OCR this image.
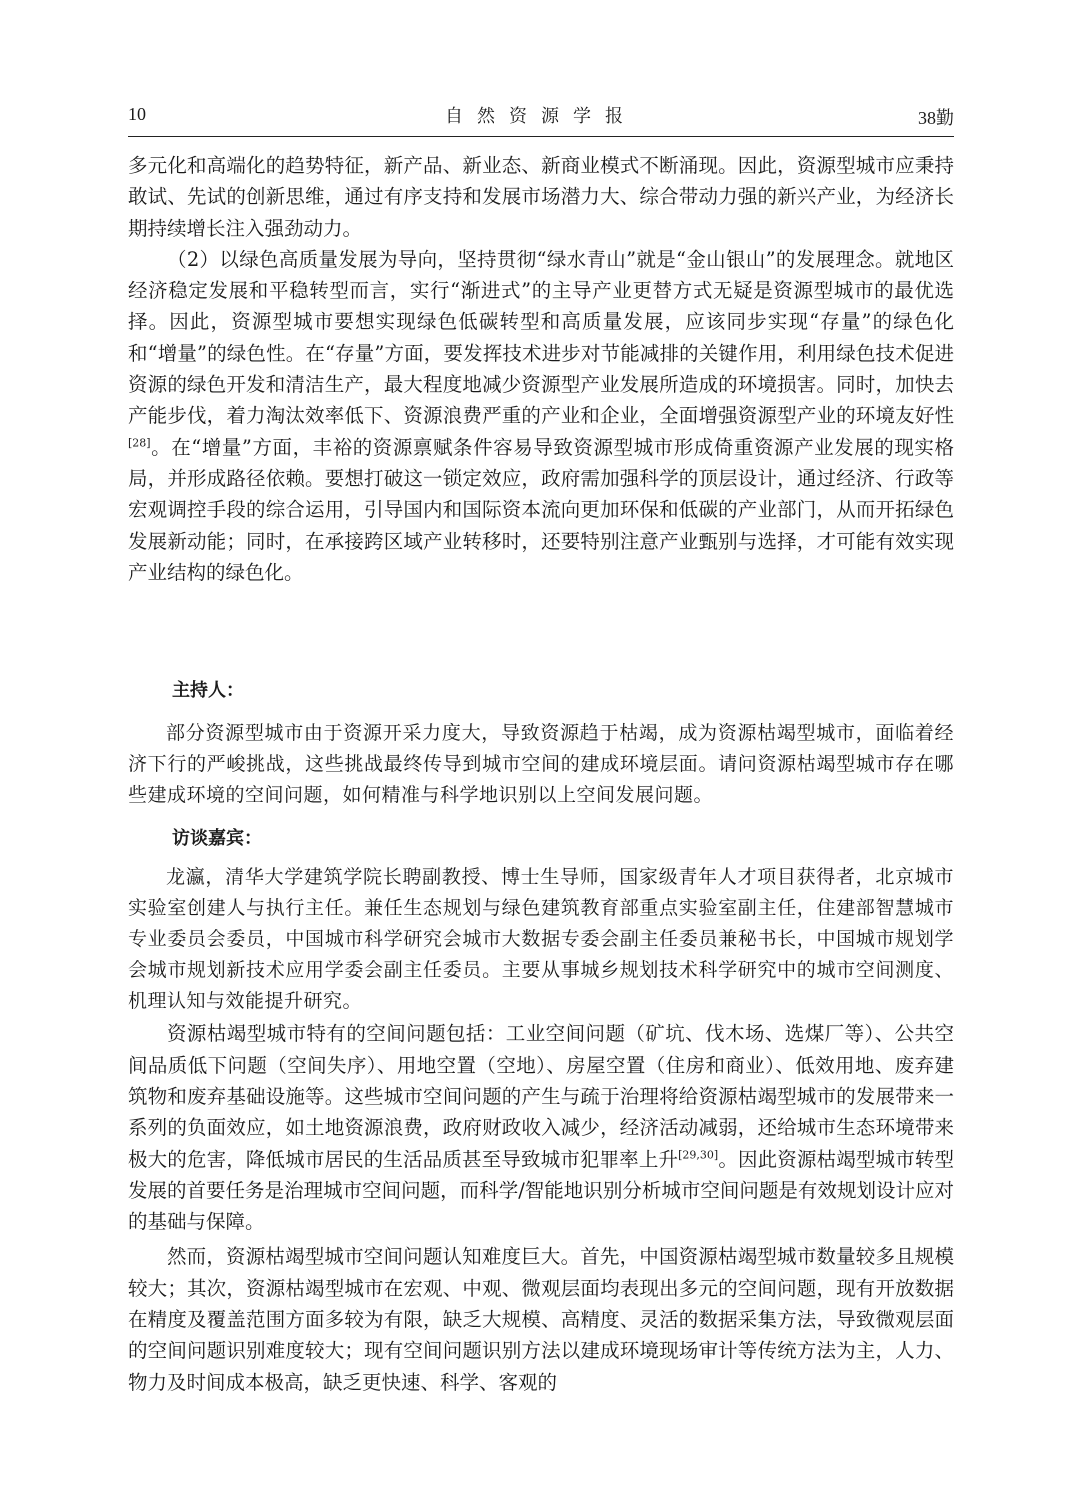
10	自然资源学报	38勤

多元化和高端化的趋势特征，新产品、新业态、新商业模式不断涌现。因此，资源型城市应秉持敢试、先试的创新思维，通过有序支持和发展市场潜力大、综合带动力强的新兴产业，为经济长期持续增长注入强劲动力。

（2）以绿色高质量发展为导向，坚持贯彻“绿水青山”就是“金山银山”的发展理念。就地区经济稳定发展和平稳转型而言，实行“渐进式”的主导产业更替方式无疑是资源型城市的最优选择。因此，资源型城市要想实现绿色低碳转型和高质量发展，应该同步实现“存量”的绿色化和“增量”的绿色性。在“存量”方面，要发挥技术进步对节能减排的关键作用，利用绿色技术促进资源的绿色开发和清洁生产，最大程度地减少资源型产业发展所造成的环境损害。同时，加快去产能步伐，着力淘汰效率低下、资源浪费严重的产业和企业，全面增强资源型产业的环境友好性[28]。在“增量”方面，丰裕的资源禀赋条件容易导致资源型城市形成倚重资源产业发展的现实格局，并形成路径依赖。要想打破这一锁定效应，政府需加强科学的顶层设计，通过经济、行政等宏观调控手段的综合运用，引导国内和国际资本流向更加环保和低碳的产业部门，从而开拓绿色发展新动能；同时，在承接跨区域产业转移时，还要特别注意产业甄别与选择，才可能有效实现产业结构的绿色化。

主持人：

部分资源型城市由于资源开采力度大，导致资源趋于枯竭，成为资源枯竭型城市，面临着经济下行的严峻挑战，这些挑战最终传导到城市空间的建成环境层面。请问资源枯竭型城市存在哪些建成环境的空间问题，如何精准与科学地识别以上空间发展问题。

访谈嘉宾：

龙瀛，清华大学建筑学院长聘副教授、博士生导师，国家级青年人才项目获得者，北京城市实验室创建人与执行主任。兼任生态规划与绿色建筑教育部重点实验室副主任，住建部智慧城市专业委员会委员，中国城市科学研究会城市大数据专委会副主任委员兼秘书长，中国城市规划学会城市规划新技术应用学委会副主任委员。主要从事城乡规划技术科学研究中的城市空间测度、机理认知与效能提升研究。

资源枯竭型城市特有的空间问题包括：工业空间问题（矿坑、伐木场、选煤厂等）、公共空间品质低下问题（空间失序）、用地空置（空地）、房屋空置（住房和商业）、低效用地、废弃建筑物和废弃基础设施等。这些城市空间问题的产生与疏于治理将给资源枯竭型城市的发展带来一系列的负面效应，如土地资源浪费，政府财政收入减少，经济活动减弱，还给城市生态环境带来极大的危害，降低城市居民的生活品质甚至导致城市犯罪率上升[29,30]。因此资源枯竭型城市转型发展的首要任务是治理城市空间问题，而科学/智能地识别分析城市空间问题是有效规划设计应对的基础与保障。

然而，资源枯竭型城市空间问题认知难度巨大。首先，中国资源枯竭型城市数量较多且规模较大；其次，资源枯竭型城市在宏观、中观、微观层面均表现出多元的空间问题，现有开放数据在精度及覆盖范围方面多较为有限，缺乏大规模、高精度、灵活的数据采集方法，导致微观层面的空间问题识别难度较大；现有空间问题识别方法以建成环境现场审计等传统方法为主，人力、物力及时间成本极高，缺乏更快速、科学、客观的
